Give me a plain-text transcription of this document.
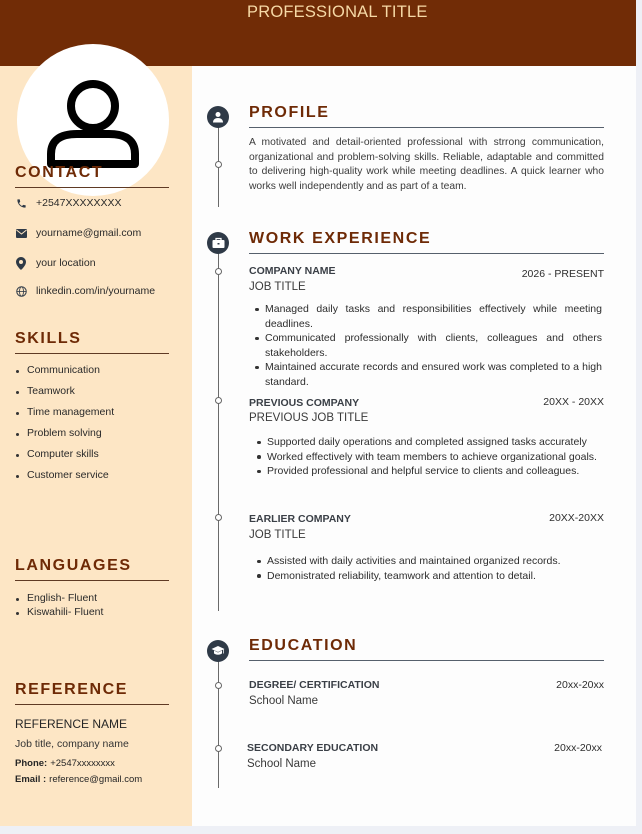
PROFESSIONAL TITLE
CONTACT
+2547XXXXXXXX
yourname@gmail.com
your location
linkedin.com/in/yourname
SKILLS
Communication
Teamwork
Time management
Problem solving
Computer skills
Customer service
LANGUAGES
English- Fluent
Kiswahili- Fluent
REFERENCE
REFERENCE NAME
Job title, company name
Phone: +2547xxxxxxxx
Email : reference@gmail.com
PROFILE

A motivated and detail-oriented professional with strrong communication, organizational and problem-solving skills. Reliable, adaptable and committed to delivering high-quality work while meeting deadlines. A quick learner who works well independently and as part of a team.

WORK EXPERIENCE
COMPANY NAME	2026 - PRESENT
JOB TITLE
Managed daily tasks and responsibilities effectively while meeting deadlines.
Communicated professionally with clients, colleagues and others stakeholders.
Maintained accurate records and ensured work was completed to a high standard.
PREVIOUS COMPANY	20XX - 20XX
PREVIOUS JOB TITLE
Supported daily operations and completed assigned tasks accurately
Worked effectively with team members to achieve organizational goals.
Provided professional and helpful service to clients and colleagues.
EARLIER COMPANY	20XX-20XX
JOB TITLE
Assisted with daily activities and maintained organized records.
Demonistrated reliability, teamwork and attention to detail.
EDUCATION
DEGREE/ CERTIFICATION	20xx-20xx
School Name
SECONDARY EDUCATION	20xx-20xx
School Name
